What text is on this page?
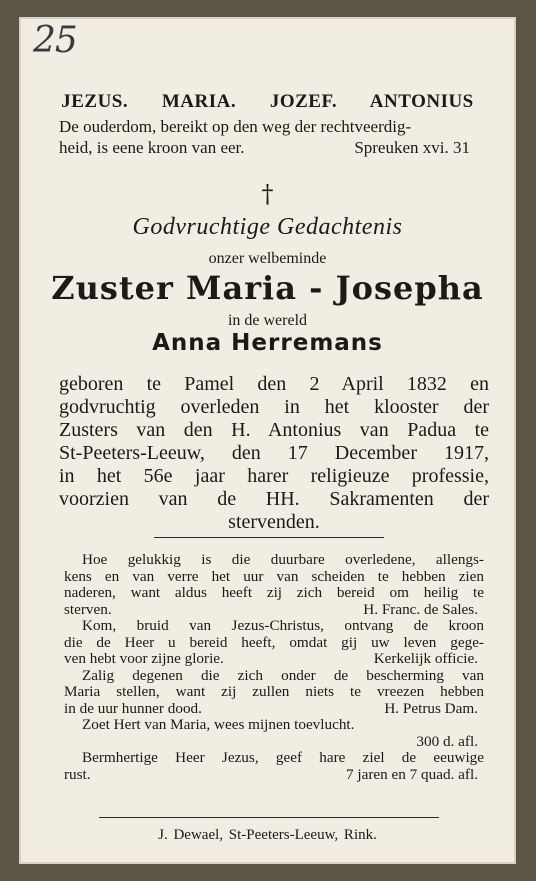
25
JEZUS.   MARIA.   JOZEF.   ANTONIUS
De ouderdom, bereikt op den weg der rechtveerdig-
heid, is eene kroon van eer.	Spreuken xvi. 31
†
Godvruchtige Gedachtenis
onzer welbeminde
Zuster Maria - Josepha
in de wereld
Anna Herremans
geboren te Pamel den 2 April 1832 en
godvruchtig overleden in het klooster der
Zusters van den H. Antonius van Padua te
St-Peeters-Leeuw, den 17 December 1917,
in het 56e jaar harer religieuze professie,
voorzien van de HH. Sakramenten der
stervenden.
Hoe gelukkig is die duurbare overledene, allengs-
kens en van verre het uur van scheiden te hebben zien
naderen, want aldus heeft zij zich bereid om heilig te
sterven.	H. Franc. de Sales.
Kom, bruid van Jezus-Christus, ontvang de kroon
die de Heer u bereid heeft, omdat gij uw leven gege-
ven hebt voor zijne glorie.	Kerkelijk officie.
Zalig degenen die zich onder de bescherming van
Maria stellen, want zij zullen niets te vreezen hebben
in de uur hunner dood.	H. Petrus Dam.
Zoet Hert van Maria, wees mijnen toevlucht.
300 d. afl.
Bermhertige Heer Jezus, geef hare ziel de eeuwige
rust.	7 jaren en 7 quad. afl.
J. Dewael, St-Peeters-Leeuw, Rink.
